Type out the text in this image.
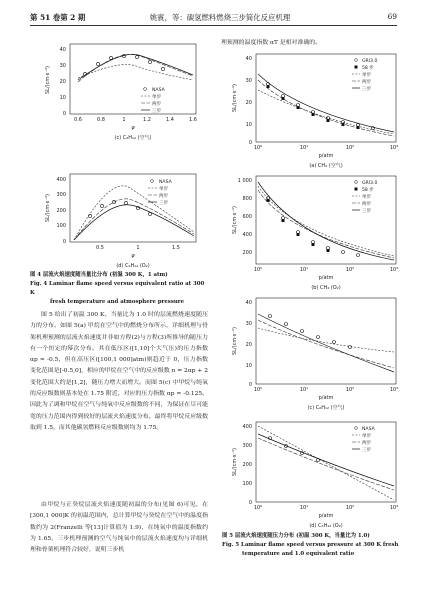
第 51 卷第 2 期	姚賓，等：碳氢燃料燃烧三步简化反应机理	69
40
30
20
10
0
0.6	0.8	1	1.2	1.4	1.6
φ
SL/(cm·s⁻¹)
(c) C₆H₁₂ (空气)
NASA
单步
两步
三步
400
300
200
100
0
0.5	1	1.5
φ
SL/(cm·s⁻¹)
(d) C₆H₁₂ (O₂)
NASA
单步
两步
三步
图 4 层流火焰速度随当量比分布 (初温 300 K，1 atm)
Fig. 4 Laminar flame speed versus equivalent ratio at 300 K
fresh temperature and atmosphere pressure

图 5 给出了初温 300 K、当量比为 1.0 时的层流燃烧速度随压力的分布。如图 5(a) 甲烷在空气中的燃烧分布所示，详细机理与骨架机理预测的层流火焰速度并非如方程(2)与方程(3)所推导的随压力有一个恒定的幂次分布。其在低压区([1,10]个大气压)的压力指数 αp ≈ -0.5，但在高压区([100,1 000]atm)则趋近于 0，压力指数变化范围是[-0.5,0]，相应的甲烷在空气中的反应级数 n = 2αp + 2 变化范围大约是[1,2]，随压力增大而增大。而图 5(c) 中甲烷与纯氧的反应级数则基本处在 1.75 附近，对应的压力指数 αp ≈ -0.125。因此为了调和甲烷在空气与纯氧中反应级数的不同，为保证在尽可能宽的压力范围内得到较好的层流火焰速度分布，最终将甲烷反应级数取到 1.5，而其他碳氢燃料反应级数则均为 1.75。

由甲烷与正癸烷层流火焰速度随初温的分布(见图 6)可见，在[300,1 000]K 的初温范围内，总计算甲烷与癸烷在空气中的温度指数约为 2(Franzelli 等[13]计算值为 1.9)，在纯氧中的温度指数约为 1.65，三步机理预测的空气与纯氧中的层流火焰速度均与详细机理和骨架机理符合较好，说明三步机

理预测的温度指数 αT 是相对准确的。
40
30
20
10
0
10⁰	10¹	10²	10³
p/atm
SL/(cm·s⁻¹)
(a) CH₄ (空气)
GRI3.0
58 步
单步
两步
三步
1 000
800
600
400
200
10⁰	10¹	10²	10³
p/atm
SL/(cm·s⁻¹)
(b) CH₄ (O₂)
GRI3.0
58 步
单步
两步
三步
40
30
20
10
0
10⁰	10¹	10²	10³
p/atm
SL/(cm·s⁻¹)
(c) C₆H₁₂ (空气)
400
300
200
100
0
10⁰	10¹	10²	10³
p/atm
SL/(cm·s⁻¹)
(d) C₆H₁₂ (O₂)
NASA
单步
两步
三步
图 5 层流火焰速度随压力分布 (初温 300 K，当量比为 1.0)
Fig. 5 Laminar flame speed versus pressure at 300 K fresh
temperature and 1.0 equivalent ratio
